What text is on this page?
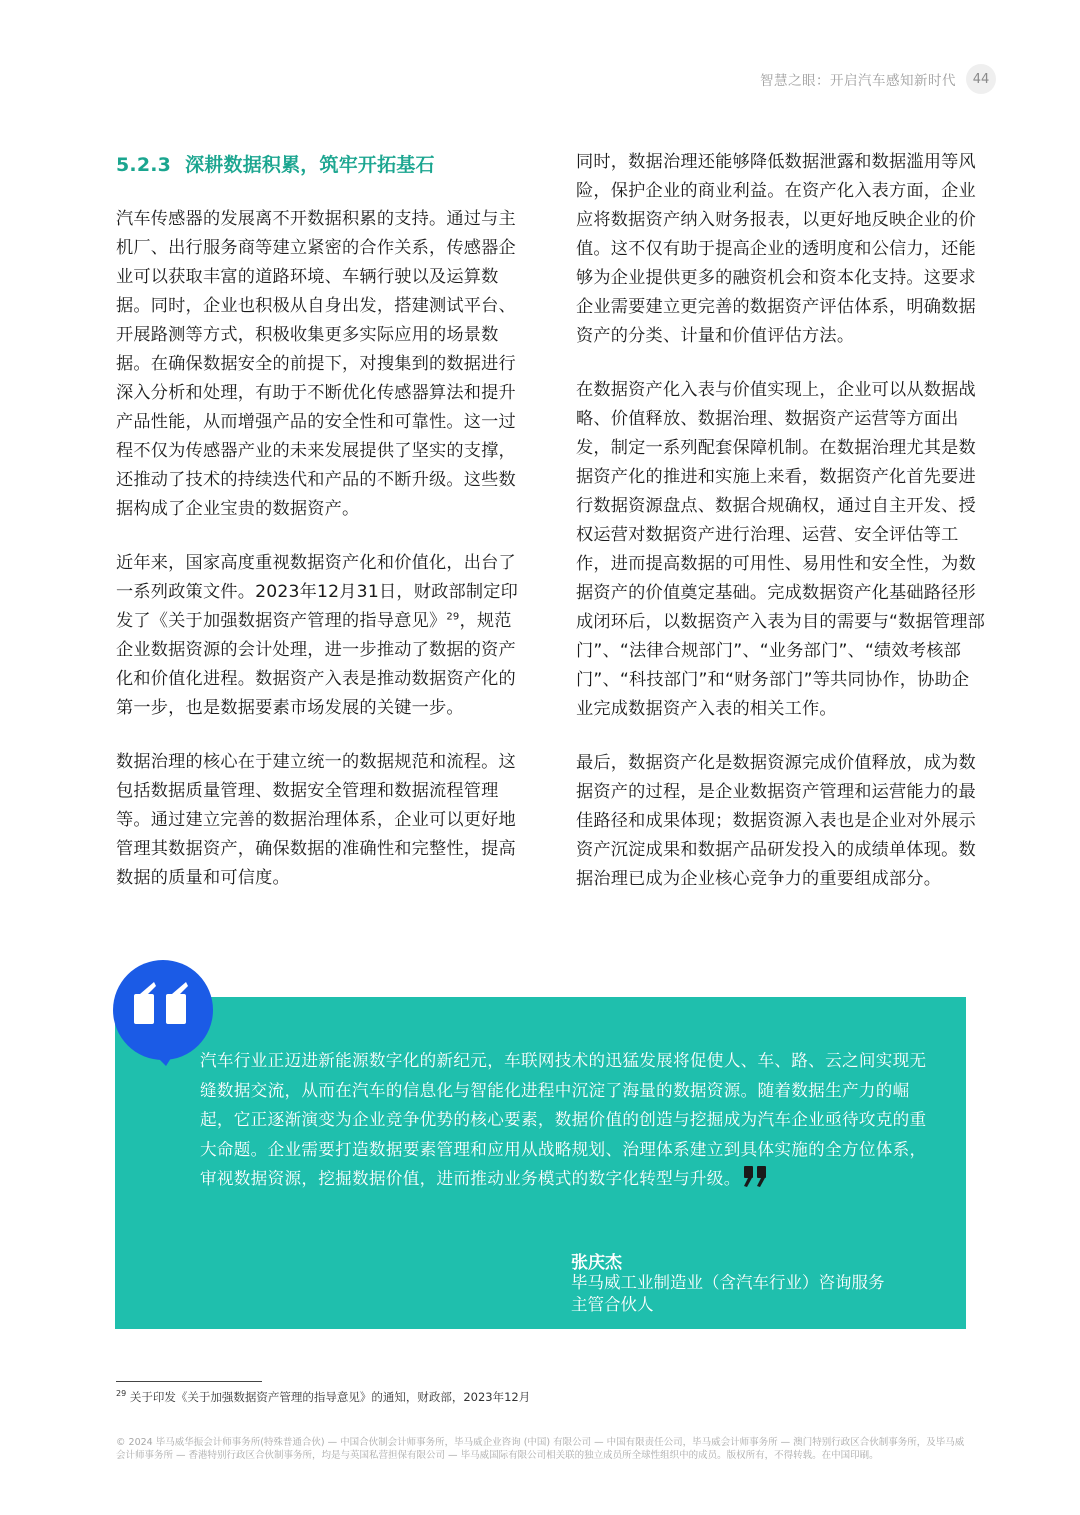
智慧之眼：开启汽车感知新时代	44
5.2.3 深耕数据积累，筑牢开拓基石

汽车传感器的发展离不开数据积累的支持。通过与主机厂、出行服务商等建立紧密的合作关系，传感器企业可以获取丰富的道路环境、车辆行驶以及运算数据。同时，企业也积极从自身出发，搭建测试平台、开展路测等方式，积极收集更多实际应用的场景数据。在确保数据安全的前提下，对搜集到的数据进行深入分析和处理，有助于不断优化传感器算法和提升产品性能，从而增强产品的安全性和可靠性。这一过程不仅为传感器产业的未来发展提供了坚实的支撑，还推动了技术的持续迭代和产品的不断升级。这些数据构成了企业宝贵的数据资产。

近年来，国家高度重视数据资产化和价值化，出台了一系列政策文件。2023年12月31日，财政部制定印发了《关于加强数据资产管理的指导意见》$^{29}$，规范企业数据资源的会计处理，进一步推动了数据的资产化和价值化进程。数据资产入表是推动数据资产化的第一步，也是数据要素市场发展的关键一步。

数据治理的核心在于建立统一的数据规范和流程。这包括数据质量管理、数据安全管理和数据流程管理等。通过建立完善的数据治理体系，企业可以更好地管理其数据资产，确保数据的准确性和完整性，提高数据的质量和可信度。

同时，数据治理还能够降低数据泄露和数据滥用等风险，保护企业的商业利益。在资产化入表方面，企业应将数据资产纳入财务报表，以更好地反映企业的价值。这不仅有助于提高企业的透明度和公信力，还能够为企业提供更多的融资机会和资本化支持。这要求企业需要建立更完善的数据资产评估体系，明确数据资产的分类、计量和价值评估方法。

在数据资产化入表与价值实现上，企业可以从数据战略、价值释放、数据治理、数据资产运营等方面出发，制定一系列配套保障机制。在数据治理尤其是数据资产化的推进和实施上来看，数据资产化首先要进行数据资源盘点、数据合规确权，通过自主开发、授权运营对数据资产进行治理、运营、安全评估等工作，进而提高数据的可用性、易用性和安全性，为数据资产的价值奠定基础。完成数据资产化基础路径形成闭环后，以数据资产入表为目的需要与“数据管理部门”、“法律合规部门”、“业务部门”、“绩效考核部门”、“科技部门”和“财务部门”等共同协作，协助企业完成数据资产入表的相关工作。

最后，数据资产化是数据资源完成价值释放，成为数据资产的过程，是企业数据资产管理和运营能力的最佳路径和成果体现；数据资源入表也是企业对外展示资产沉淀成果和数据产品研发投入的成绩单体现。数据治理已成为企业核心竞争力的重要组成部分。

汽车行业正迈进新能源数字化的新纪元，车联网技术的迅猛发展将促使人、车、路、云之间实现无缝数据交流，从而在汽车的信息化与智能化进程中沉淀了海量的数据资源。随着数据生产力的崛起，它正逐渐演变为企业竞争优势的核心要素，数据价值的创造与挖掘成为汽车企业亟待攻克的重大命题。企业需要打造数据要素管理和应用从战略规划、治理体系建立到具体实施的全方位体系，审视数据资源，挖掘数据价值，进而推动业务模式的数字化转型与升级。
张庆杰
毕马威工业制造业（含汽车行业）咨询服务
主管合伙人
$^{29}$ 关于印发《关于加强数据资产管理的指导意见》的通知，财政部，2023年12月
© 2024 毕马威华振会计师事务所(特殊普通合伙) — 中国合伙制会计师事务所，毕马威企业咨询 (中国) 有限公司 — 中国有限责任公司，毕马威会计师事务所 — 澳门特别行政区合伙制事务所，及毕马威会计师事务所 — 香港特别行政区合伙制事务所，均是与英国私营担保有限公司 — 毕马威国际有限公司相关联的独立成员所全球性组织中的成员。版权所有，不得转载。在中国印刷。
